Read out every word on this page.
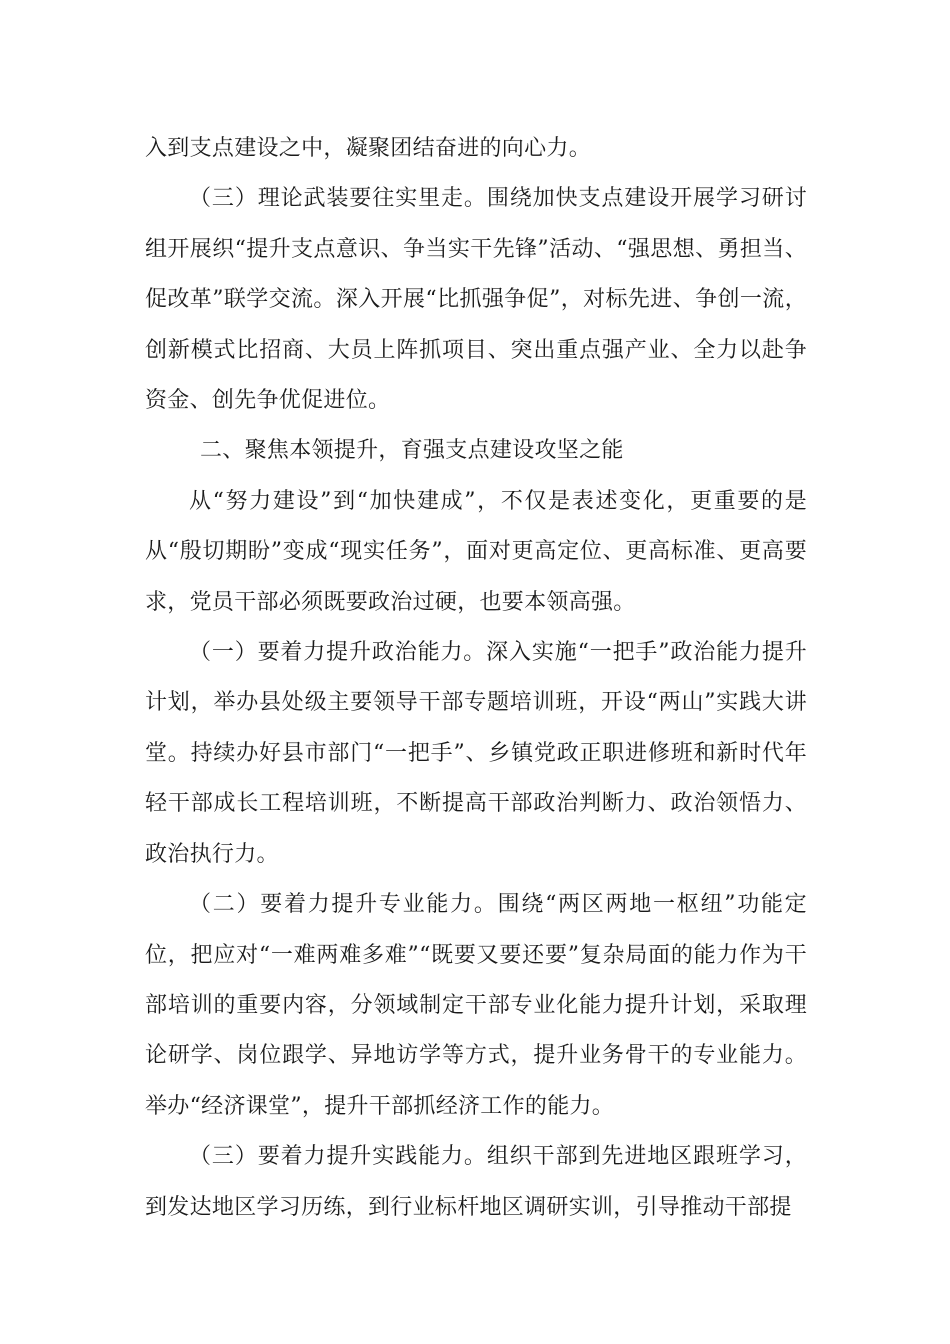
入到支点建设之中，凝聚团结奋进的向心力。

（三）理论武装要往实里走。围绕加快支点建设开展学习研讨组开展织“提升支点意识、争当实干先锋”活动、“强思想、勇担当、促改革”联学交流。深入开展“比抓强争促”，对标先进、争创一流，创新模式比招商、大员上阵抓项目、突出重点强产业、全力以赴争资金、创先争优促进位。

二、聚焦本领提升，育强支点建设攻坚之能

从“努力建设”到“加快建成”，不仅是表述变化，更重要的是从“殷切期盼”变成“现实任务”，面对更高定位、更高标准、更高要求，党员干部必须既要政治过硬，也要本领高强。

（一）要着力提升政治能力。深入实施“一把手”政治能力提升计划，举办县处级主要领导干部专题培训班，开设“两山”实践大讲堂。持续办好县市部门“一把手”、乡镇党政正职进修班和新时代年轻干部成长工程培训班，不断提高干部政治判断力、政治领悟力、政治执行力。

（二）要着力提升专业能力。围绕“两区两地一枢纽”功能定位，把应对“一难两难多难”“既要又要还要”复杂局面的能力作为干部培训的重要内容，分领域制定干部专业化能力提升计划，采取理论研学、岗位跟学、异地访学等方式，提升业务骨干的专业能力。举办“经济课堂”，提升干部抓经济工作的能力。

（三）要着力提升实践能力。组织干部到先进地区跟班学习，到发达地区学习历练，到行业标杆地区调研实训，引导推动干部提
